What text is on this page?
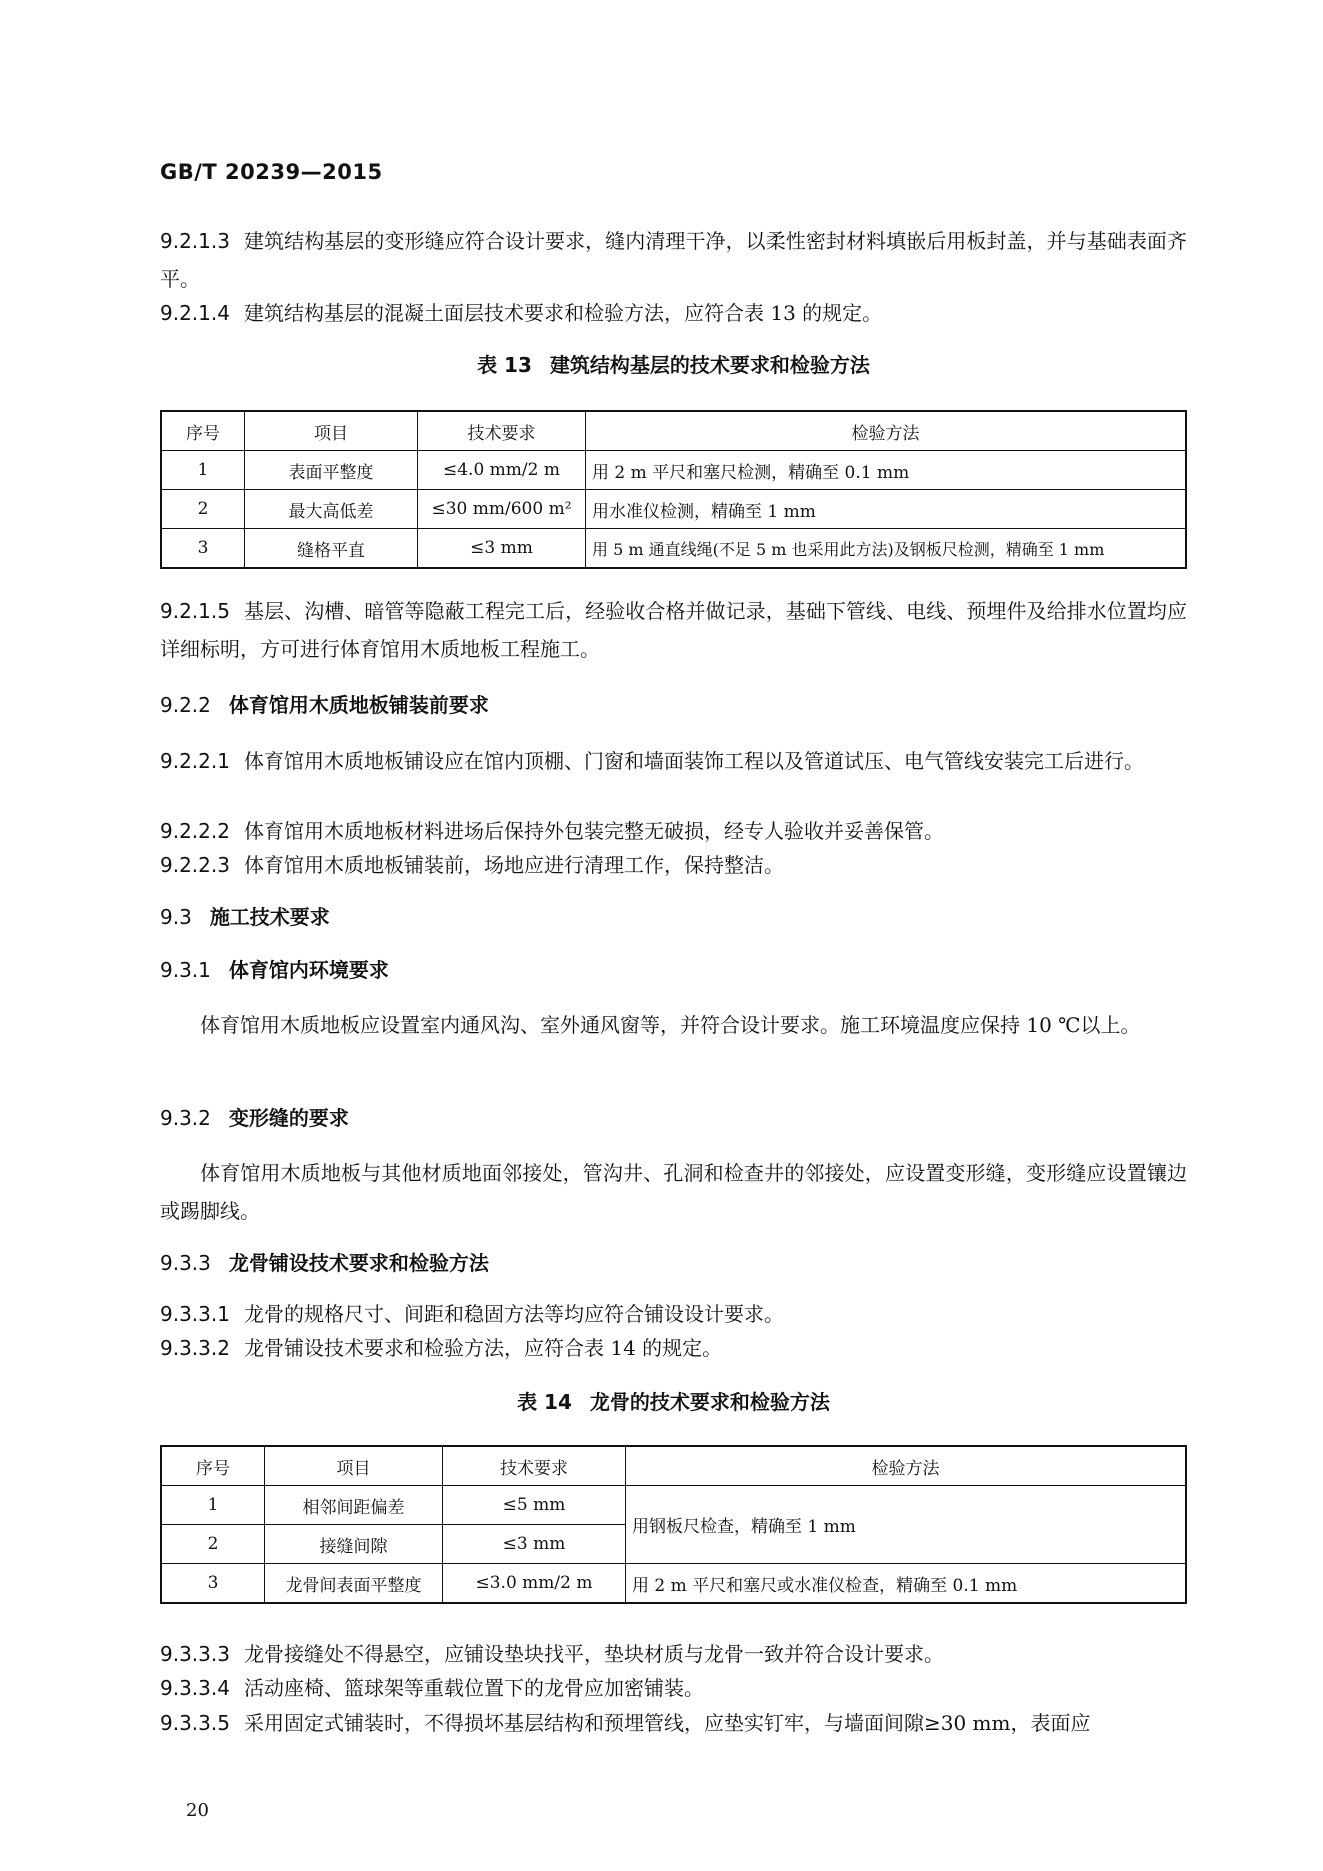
GB/T 20239—2015
9.2.1.3 建筑结构基层的变形缝应符合设计要求，缝内清理干净，以柔性密封材料填嵌后用板封盖，并与基础表面齐平。
9.2.1.4 建筑结构基层的混凝土面层技术要求和检验方法，应符合表 13 的规定。
表 13 建筑结构基层的技术要求和检验方法
序号	项目	技术要求	检验方法
1	表面平整度	≤4.0 mm/2 m	用 2 m 平尺和塞尺检测，精确至 0.1 mm
2	最大高低差	≤30 mm/600 m²	用水准仪检测，精确至 1 mm
3	缝格平直	≤3 mm	用 5 m 通直线绳(不足 5 m 也采用此方法)及钢板尺检测，精确至 1 mm
9.2.1.5 基层、沟槽、暗管等隐蔽工程完工后，经验收合格并做记录，基础下管线、电线、预埋件及给排水位置均应详细标明，方可进行体育馆用木质地板工程施工。
9.2.2 体育馆用木质地板铺装前要求
9.2.2.1 体育馆用木质地板铺设应在馆内顶棚、门窗和墙面装饰工程以及管道试压、电气管线安装完工后进行。
9.2.2.2 体育馆用木质地板材料进场后保持外包装完整无破损，经专人验收并妥善保管。
9.2.2.3 体育馆用木质地板铺装前，场地应进行清理工作，保持整洁。
9.3 施工技术要求
9.3.1 体育馆内环境要求
体育馆用木质地板应设置室内通风沟、室外通风窗等，并符合设计要求。施工环境温度应保持 10 ℃以上。
9.3.2 变形缝的要求
体育馆用木质地板与其他材质地面邻接处，管沟井、孔洞和检查井的邻接处，应设置变形缝，变形缝应设置镶边或踢脚线。
9.3.3 龙骨铺设技术要求和检验方法
9.3.3.1 龙骨的规格尺寸、间距和稳固方法等均应符合铺设设计要求。
9.3.3.2 龙骨铺设技术要求和检验方法，应符合表 14 的规定。
表 14 龙骨的技术要求和检验方法
序号	项目	技术要求	检验方法
1	相邻间距偏差	≤5 mm	用钢板尺检查，精确至 1 mm
2	接缝间隙	≤3 mm	
3	龙骨间表面平整度	≤3.0 mm/2 m	用 2 m 平尺和塞尺或水准仪检查，精确至 0.1 mm
9.3.3.3 龙骨接缝处不得悬空，应铺设垫块找平，垫块材质与龙骨一致并符合设计要求。
9.3.3.4 活动座椅、篮球架等重载位置下的龙骨应加密铺装。
9.3.3.5 采用固定式铺装时，不得损坏基层结构和预埋管线，应垫实钉牢，与墙面间隙≥30 mm，表面应
20
